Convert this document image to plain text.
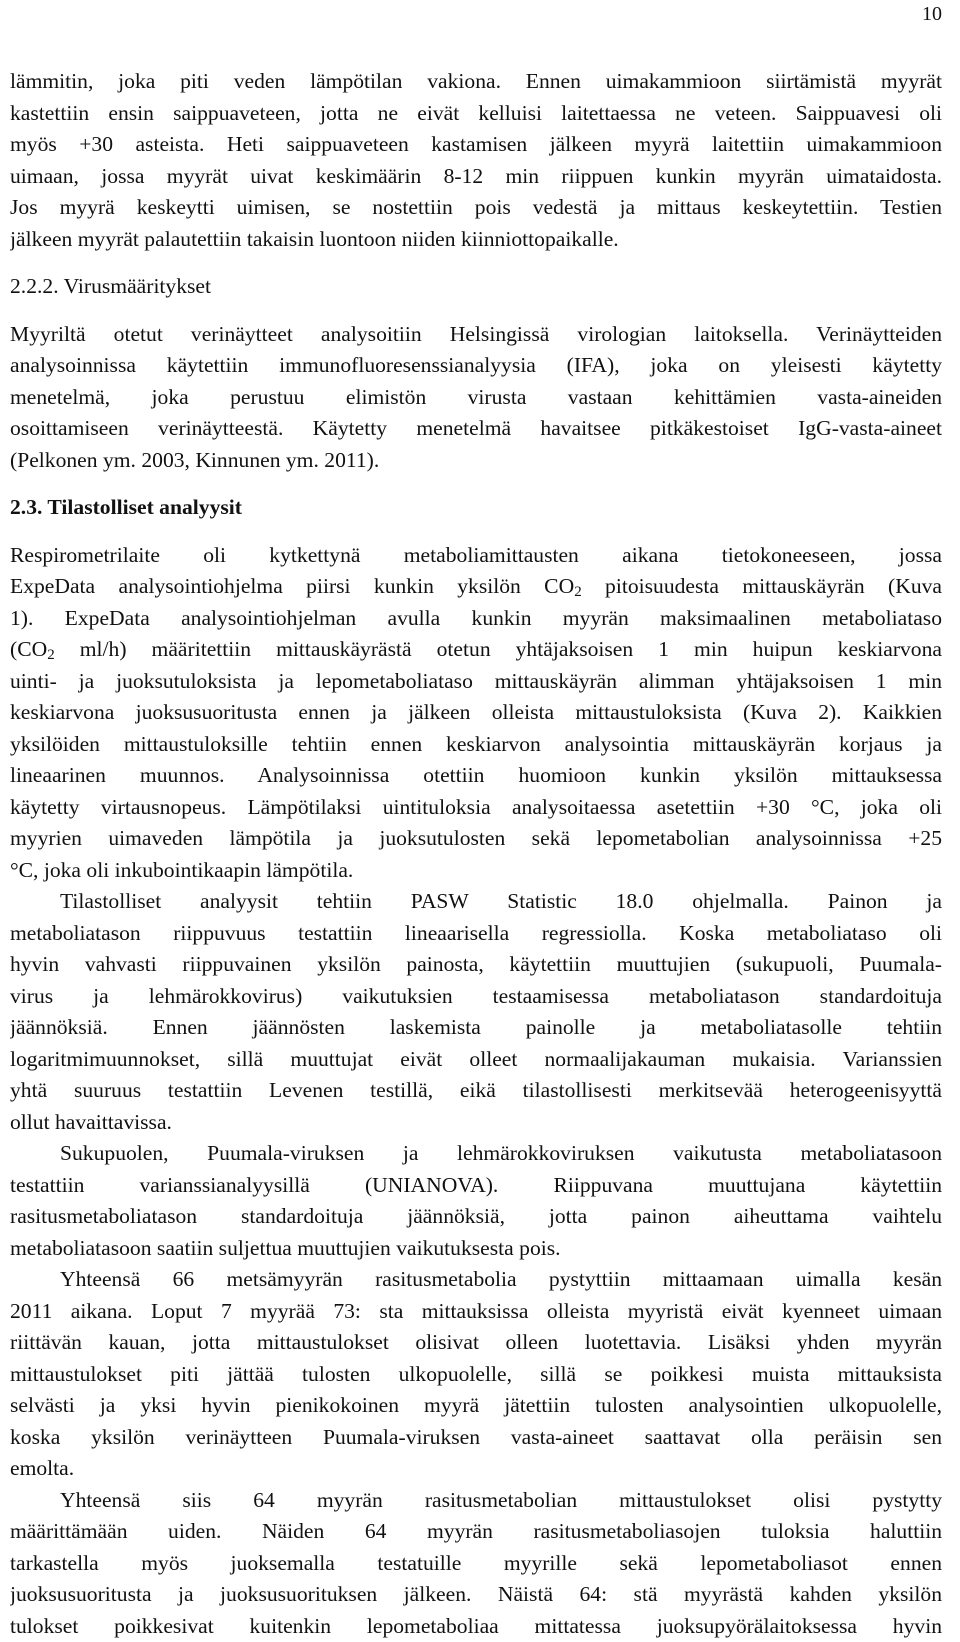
10
lämmitin, joka piti veden lämpötilan vakiona. Ennen uimakammioon siirtämistä myyrät
kastettiin ensin saippuaveteen, jotta ne eivät kelluisi laitettaessa ne veteen. Saippuavesi oli
myös +30 asteista. Heti saippuaveteen kastamisen jälkeen myyrä laitettiin uimakammioon
uimaan, jossa myyrät uivat keskimäärin 8-12 min riippuen kunkin myyrän uimataidosta.
Jos myyrä keskeytti uimisen, se nostettiin pois vedestä ja mittaus keskeytettiin. Testien
jälkeen myyrät palautettiin takaisin luontoon niiden kiinniottopaikalle.
2.2.2. Virusmääritykset
Myyriltä otetut verinäytteet analysoitiin Helsingissä virologian laitoksella. Verinäytteiden
analysoinnissa käytettiin immunofluoresenssianalyysia (IFA), joka on yleisesti käytetty
menetelmä, joka perustuu elimistön virusta vastaan kehittämien vasta-aineiden
osoittamiseen verinäytteestä. Käytetty menetelmä havaitsee pitkäkestoiset IgG-vasta-aineet
(Pelkonen ym. 2003, Kinnunen ym. 2011).
2.3. Tilastolliset analyysit
Respirometrilaite oli kytkettynä metaboliamittausten aikana tietokoneeseen, jossa
ExpeData analysointiohjelma piirsi kunkin yksilön $CO_2$ pitoisuudesta mittauskäyrän (Kuva
1). ExpeData analysointiohjelman avulla kunkin myyrän maksimaalinen metaboliataso
($CO_2$ ml/h) määritettiin mittauskäyrästä otetun yhtäjaksoisen 1 min huipun keskiarvona
uinti- ja juoksutuloksista ja lepometaboliataso mittauskäyrän alimman yhtäjaksoisen 1 min
keskiarvona juoksusuoritusta ennen ja jälkeen olleista mittaustuloksista (Kuva 2). Kaikkien
yksilöiden mittaustuloksille tehtiin ennen keskiarvon analysointia mittauskäyrän korjaus ja
lineaarinen muunnos. Analysoinnissa otettiin huomioon kunkin yksilön mittauksessa
käytetty virtausnopeus. Lämpötilaksi uintituloksia analysoitaessa asetettiin +30 °C, joka oli
myyrien uimaveden lämpötila ja juoksutulosten sekä lepometabolian analysoinnissa +25
°C, joka oli inkubointikaapin lämpötila.
Tilastolliset analyysit tehtiin PASW Statistic 18.0 ohjelmalla. Painon ja
metaboliatason riippuvuus testattiin lineaarisella regressiolla. Koska metaboliataso oli
hyvin vahvasti riippuvainen yksilön painosta, käytettiin muuttujien (sukupuoli, Puumala-
virus ja lehmärokkovirus) vaikutuksien testaamisessa metaboliatason standardoituja
jäännöksiä. Ennen jäännösten laskemista painolle ja metaboliatasolle tehtiin
logaritmimuunnokset, sillä muuttujat eivät olleet normaalijakauman mukaisia. Varianssien
yhtä suuruus testattiin Levenen testillä, eikä tilastollisesti merkitsevää heterogeenisyyttä
ollut havaittavissa.
Sukupuolen, Puumala-viruksen ja lehmärokkoviruksen vaikutusta metaboliatasoon
testattiin varianssianalyysillä (UNIANOVA). Riippuvana muuttujana käytettiin
rasitusmetaboliatason standardoituja jäännöksiä, jotta painon aiheuttama vaihtelu
metaboliatasoon saatiin suljettua muuttujien vaikutuksesta pois.
Yhteensä 66 metsämyyrän rasitusmetabolia pystyttiin mittaamaan uimalla kesän
2011 aikana. Loput 7 myyrää 73: sta mittauksissa olleista myyristä eivät kyenneet uimaan
riittävän kauan, jotta mittaustulokset olisivat olleen luotettavia. Lisäksi yhden myyrän
mittaustulokset piti jättää tulosten ulkopuolelle, sillä se poikkesi muista mittauksista
selvästi ja yksi hyvin pienikokoinen myyrä jätettiin tulosten analysointien ulkopuolelle,
koska yksilön verinäytteen Puumala-viruksen vasta-aineet saattavat olla peräisin sen
emolta.
Yhteensä siis 64 myyrän rasitusmetabolian mittaustulokset olisi pystytty
määrittämään uiden. Näiden 64 myyrän rasitusmetaboliasojen tuloksia haluttiin
tarkastella myös juoksemalla testatuille myyrille sekä lepometaboliasot ennen
juoksusuoritusta ja juoksusuorituksen jälkeen. Näistä 64: stä myyrästä kahden yksilön
tulokset poikkesivat kuitenkin lepometaboliaa mittatessa juoksupyörälaitoksessa hyvin
